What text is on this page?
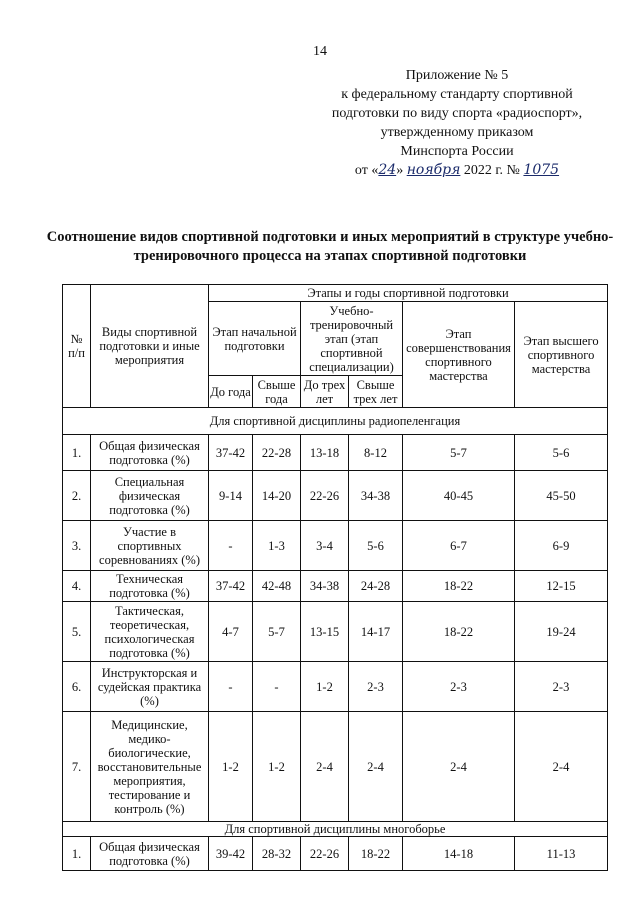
14
Приложение № 5
к федеральному стандарту спортивной
подготовки по виду спорта «радиоспорт»,
утвержденному приказом
Минспорта России
от «24» ноября 2022 г. № 1075
Соотношение видов спортивной подготовки и иных мероприятий в структуре учебно-тренировочного процесса на этапах спортивной подготовки
№ п/п	Виды спортивной подготовки и иные мероприятия	Этапы и годы спортивной подготовки					
		Этап начальной подготовки		Учебно-тренировочный этап (этап спортивной специализации)		Этап совершенствования спортивного мастерства	Этап высшего спортивного мастерства
		До года	Свыше года	До трех лет	Свыше трех лет		
Для спортивной дисциплины радиопеленгация							
1.	Общая физическая подготовка (%)	37-42	22-28	13-18	8-12	5-7	5-6
2.	Специальная физическая подготовка (%)	9-14	14-20	22-26	34-38	40-45	45-50
3.	Участие в спортивных соревнованиях (%)	-	1-3	3-4	5-6	6-7	6-9
4.	Техническая подготовка (%)	37-42	42-48	34-38	24-28	18-22	12-15
5.	Тактическая, теоретическая, психологическая подготовка (%)	4-7	5-7	13-15	14-17	18-22	19-24
6.	Инструкторская и судейская практика (%)	-	-	1-2	2-3	2-3	2-3
7.	Медицинские, медико-биологические, восстановительные мероприятия, тестирование и контроль (%)	1-2	1-2	2-4	2-4	2-4	2-4
Для спортивной дисциплины многоборье							
1.	Общая физическая подготовка (%)	39-42	28-32	22-26	18-22	14-18	11-13
